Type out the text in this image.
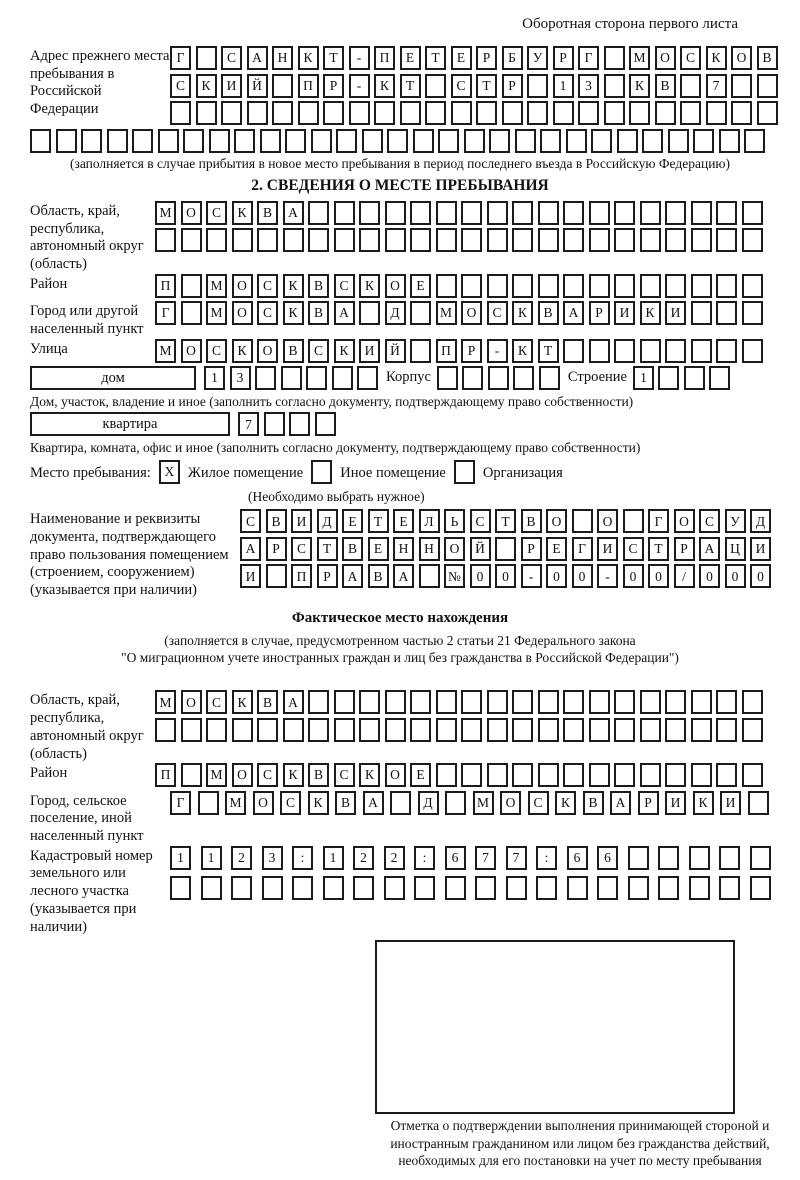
Оборотная сторона первого листа
Адрес прежнего места пребывания в Российской Федерации
Г	С	А	Н	К	Т	-	П	Е	Т	Е	Р	Б	У	Р	Г	М	О	С	К	О	В
С	К	И	Й	П	Р	-	К	Т	С	Т	Р	1	3	К	В	7
(заполняется в случае прибытия в новое место пребывания в период последнего въезда в Российскую Федерацию)
2. СВЕДЕНИЯ О МЕСТЕ ПРЕБЫВАНИЯ
Область, край, республика, автономный округ (область)
М	О	С	К	В	А
Район	П	М	О	С	К	В	С	К	О	Е
Город или другой населенный пункт
Г	М	О	С	К	В	А	Д	М	О	С	К	В	А	Р	И	К	И
Улица	М	О	С	К	О	В	С	К	И	Й	П	Р	-	К	Т
дом	1	3	Корпус	Строение 1
Дом, участок, владение и иное (заполнить согласно документу, подтверждающему право собственности)
квартира	7
Квартира, комната, офис и иное (заполнить согласно документу, подтверждающему право собственности)
Место пребывания:	X Жилое помещение	Иное помещение	Организация
(Необходимо выбрать нужное)
Наименование и реквизиты документа, подтверждающего право пользования помещением (строением, сооружением) (указывается при наличии)
С	В	И	Д	Е	Т	Е	Л	Ь	С	Т	В	О	О	Г	О	С	У	Д
А	Р	С	Т	В	Е	Н	Н	О	Й	Р	Е	Г	И	С	Т	Р	А	Ц	И
И	П	Р	А	В	А	№	0	0	-	0	0	-	0	0	/	0	0	0
Фактическое место нахождения
(заполняется в случае, предусмотренном частью 2 статьи 21 Федерального закона
"О миграционном учете иностранных граждан и лиц без гражданства в Российской Федерации")
Область, край, республика, автономный округ (область)
М	О	С	К	В	А
Район	П	М	О	С	К	В	С	К	О	Е
Город, сельское поселение, иной населенный пункт
Г	М	О	С	К	В	А	Д	М	О	С	К	В	А	Р	И	К	И
Кадастровый номер земельного или лесного участка (указывается при наличии)
1	1	2	3	:	1	2	2	:	6	7	7	:	6	6
Отметка о подтверждении выполнения принимающей стороной и иностранным гражданином или лицом без гражданства действий, необходимых для его постановки на учет по месту пребывания
